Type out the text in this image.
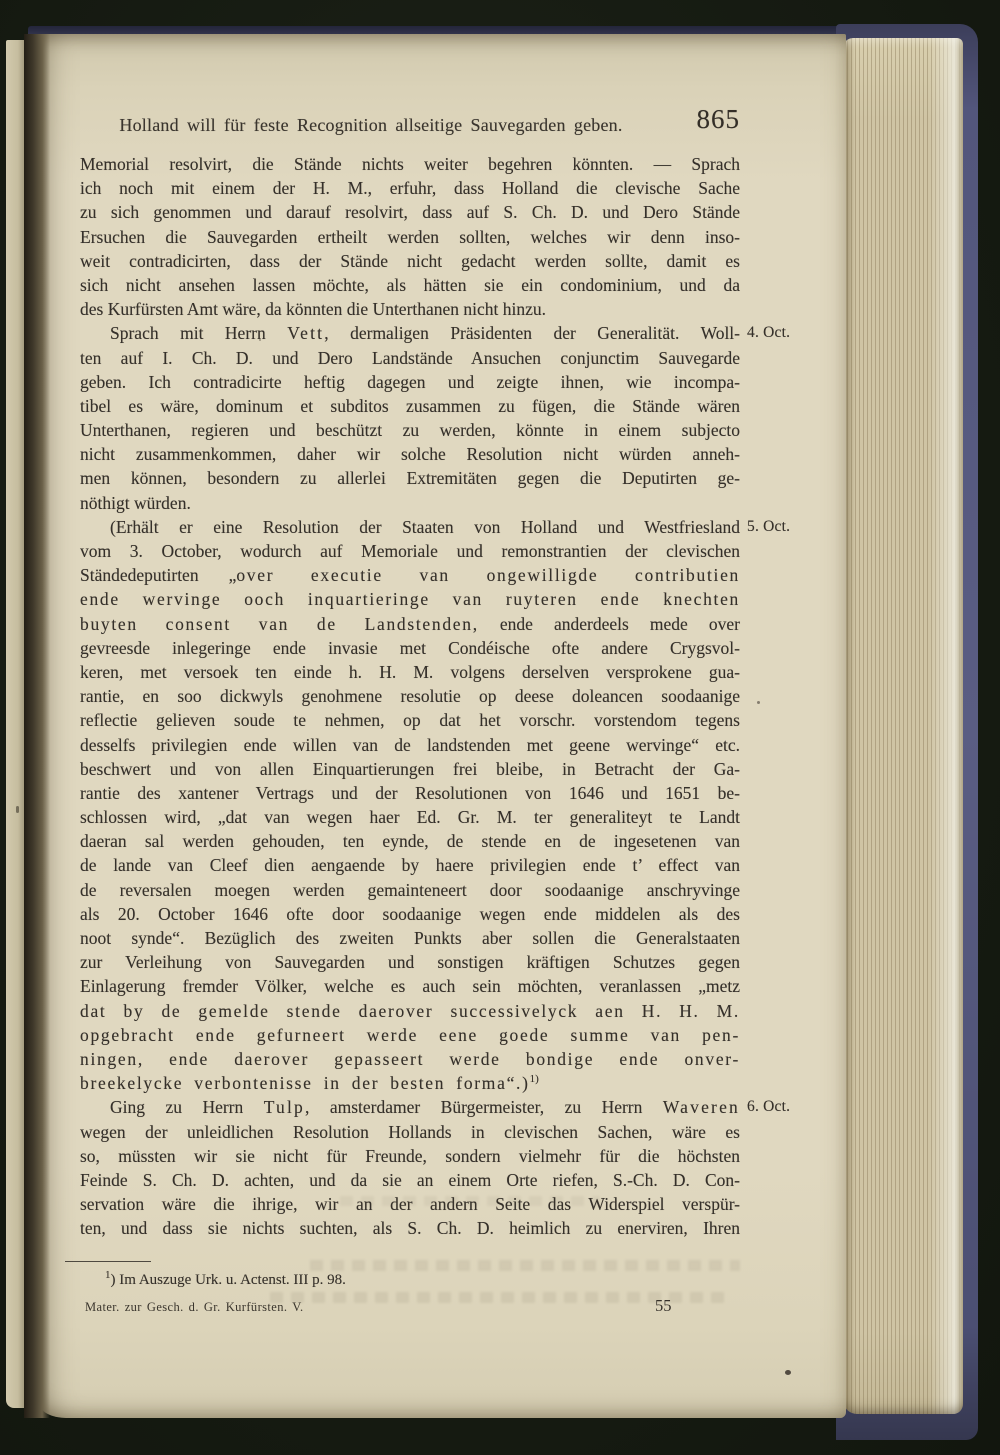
Holland will für feste Recognition allseitige Sauvegarden geben.	865
Memorial resolvirt, die Stände nichts weiter begehren könnten. — Sprach
ich noch mit einem der H. M., erfuhr, dass Holland die clevische Sache
zu sich genommen und darauf resolvirt, dass auf S. Ch. D. und Dero Stände
Ersuchen die Sauvegarden ertheilt werden sollten, welches wir denn inso-
weit contradicirten, dass der Stände nicht gedacht werden sollte, damit es
sich nicht ansehen lassen möchte, als hätten sie ein condominium, und da
des Kurfürsten Amt wäre, da könnten die Unterthanen nicht hinzu.
Sprach mit Herrn Vett, dermaligen Präsidenten der Generalität. Woll- 4. Oct.
ten auf I. Ch. D. und Dero Landstände Ansuchen conjunctim Sauvegarde
geben. Ich contradicirte heftig dagegen und zeigte ihnen, wie incompa-
tibel es wäre, dominum et subditos zusammen zu fügen, die Stände wären
Unterthanen, regieren und beschützt zu werden, könnte in einem subjecto
nicht zusammenkommen, daher wir solche Resolution nicht würden anneh-
men können, besondern zu allerlei Extremitäten gegen die Deputirten ge-
nöthigt würden.
(Erhält er eine Resolution der Staaten von Holland und Westfriesland 5. Oct.
vom 3. October, wodurch auf Memoriale und remonstrantien der clevischen
Ständedeputirten „over executie van ongewilligde contributien
ende wervinge ooch inquartieringe van ruyteren ende knechten
buyten consent van de Landstenden, ende anderdeels mede over
gevreesde inlegeringe ende invasie met Condéische ofte andere Crygsvol-
keren, met versoek ten einde h. H. M. volgens derselven versprokene gua-
rantie, en soo dickwyls genohmene resolutie op deese doleancen soodaanige
reflectie gelieven soude te nehmen, op dat het vorschr. vorstendom tegens
desselfs privilegien ende willen van de landstenden met geene wervinge“ etc.
beschwert und von allen Einquartierungen frei bleibe, in Betracht der Ga-
rantie des xantener Vertrags und der Resolutionen von 1646 und 1651 be-
schlossen wird, „dat van wegen haer Ed. Gr. M. ter generaliteyt te Landt
daeran sal werden gehouden, ten eynde, de stende en de ingesetenen van
de lande van Cleef dien aengaende by haere privilegien ende t’ effect van
de reversalen moegen werden gemainteneert door soodaanige anschryvinge
als 20. October 1646 ofte door soodaanige wegen ende middelen als des
noot synde“. Bezüglich des zweiten Punkts aber sollen die Generalstaaten
zur Verleihung von Sauvegarden und sonstigen kräftigen Schutzes gegen
Einlagerung fremder Völker, welche es auch sein möchten, veranlassen „metz
dat by de gemelde stende daerover successivelyck aen H. H. M.
opgebracht ende gefurneert werde eene goede summe van pen-
ningen, ende daerover gepasseert werde bondige ende onver-
breekelycke verbontenisse in der besten forma“.)$^{1)}$
Ging zu Herrn Tulp, amsterdamer Bürgermeister, zu Herrn Waveren 6. Oct.
wegen der unleidlichen Resolution Hollands in clevischen Sachen, wäre es
so, müssten wir sie nicht für Freunde, sondern vielmehr für die höchsten
Feinde S. Ch. D. achten, und da sie an einem Orte riefen, S.-Ch. D. Con-
servation wäre die ihrige, wir an der andern Seite das Widerspiel verspür-
ten, und dass sie nichts suchten, als S. Ch. D. heimlich zu enerviren, Ihren
$^1$) Im Auszuge Urk. u. Actenst. III p. 98.
Mater. zur Gesch. d. Gr. Kurfürsten. V.	55
